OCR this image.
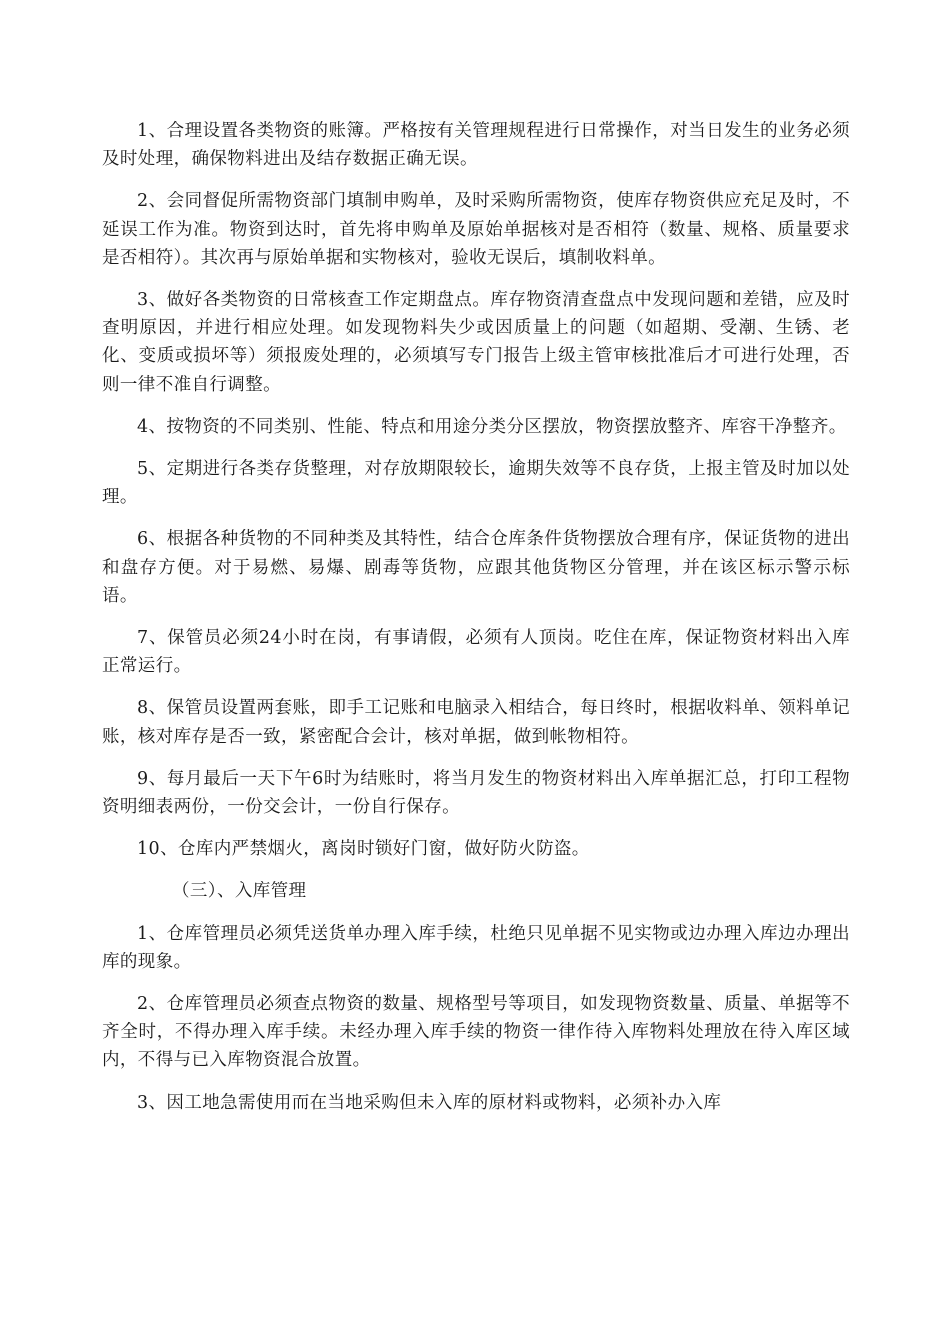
1、合理设置各类物资的账簿。严格按有关管理规程进行日常操作，对当日发生的业务必须及时处理，确保物料进出及结存数据正确无误。

2、会同督促所需物资部门填制申购单，及时采购所需物资，使库存物资供应充足及时，不延误工作为准。物资到达时，首先将申购单及原始单据核对是否相符（数量、规格、质量要求是否相符）。其次再与原始单据和实物核对，验收无误后，填制收料单。

3、做好各类物资的日常核查工作定期盘点。库存物资清查盘点中发现问题和差错，应及时查明原因，并进行相应处理。如发现物料失少或因质量上的问题（如超期、受潮、生锈、老化、变质或损坏等）须报废处理的，必须填写专门报告上级主管审核批准后才可进行处理，否则一律不准自行调整。

4、按物资的不同类别、性能、特点和用途分类分区摆放，物资摆放整齐、库容干净整齐。

5、定期进行各类存货整理，对存放期限较长，逾期失效等不良存货，上报主管及时加以处理。

6、根据各种货物的不同种类及其特性，结合仓库条件货物摆放合理有序，保证货物的进出和盘存方便。对于易燃、易爆、剧毒等货物，应跟其他货物区分管理，并在该区标示警示标语。

7、保管员必须24小时在岗，有事请假，必须有人顶岗。吃住在库，保证物资材料出入库正常运行。

8、保管员设置两套账，即手工记账和电脑录入相结合，每日终时，根据收料单、领料单记账，核对库存是否一致，紧密配合会计，核对单据，做到帐物相符。

9、每月最后一天下午6时为结账时，将当月发生的物资材料出入库单据汇总，打印工程物资明细表两份，一份交会计，一份自行保存。

10、仓库内严禁烟火，离岗时锁好门窗，做好防火防盗。

（三）、入库管理

1、仓库管理员必须凭送货单办理入库手续，杜绝只见单据不见实物或边办理入库边办理出库的现象。

2、仓库管理员必须查点物资的数量、规格型号等项目，如发现物资数量、质量、单据等不齐全时，不得办理入库手续。未经办理入库手续的物资一律作待入库物料处理放在待入库区域内，不得与已入库物资混合放置。

3、因工地急需使用而在当地采购但未入库的原材料或物料，必须补办入库
